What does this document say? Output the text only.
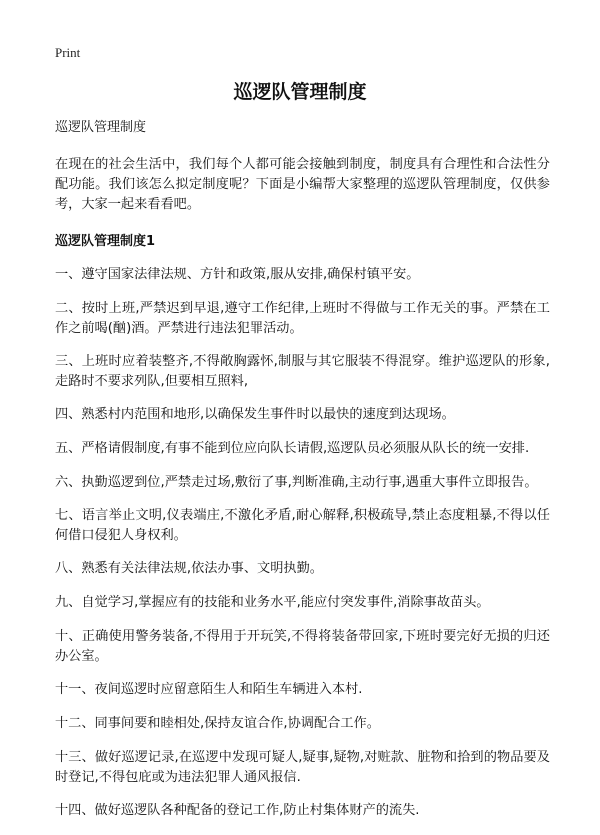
Print
巡逻队管理制度

巡逻队管理制度

在现在的社会生活中，我们每个人都可能会接触到制度，制度具有合理性和合法性分配功能。我们该怎么拟定制度呢？下面是小编帮大家整理的巡逻队管理制度，仅供参考，大家一起来看看吧。

巡逻队管理制度1

一、遵守国家法律法规、方针和政策,服从安排,确保村镇平安。
二、按时上班,严禁迟到早退,遵守工作纪律,上班时不得做与工作无关的事。严禁在工作之前喝(酗)酒。严禁进行违法犯罪活动。
三、上班时应着装整齐,不得敞胸露怀,制服与其它服装不得混穿。维护巡逻队的形象,走路时不要求列队,但要相互照料,
四、熟悉村内范围和地形,以确保发生事件时以最快的速度到达现场。
五、严格请假制度,有事不能到位应向队长请假,巡逻队员必须服从队长的统一安排.
六、执勤巡逻到位,严禁走过场,敷衍了事,判断准确,主动行事,遇重大事件立即报告。
七、语言举止文明,仪表端庄,不激化矛盾,耐心解释,积极疏导,禁止态度粗暴,不得以任何借口侵犯人身权利。
八、熟悉有关法律法规,依法办事、文明执勤。
九、自觉学习,掌握应有的技能和业务水平,能应付突发事件,消除事故苗头。
十、正确使用警务装备,不得用于开玩笑,不得将装备带回家,下班时要完好无损的归还办公室。
十一、夜间巡逻时应留意陌生人和陌生车辆进入本村.
十二、同事间要和睦相处,保持友谊合作,协调配合工作。
十三、做好巡逻记录,在巡逻中发现可疑人,疑事,疑物,对赃款、脏物和拾到的物品要及时登记,不得包庇或为违法犯罪人通风报信.
十四、做好巡逻队各种配备的登记工作,防止村集体财产的流失.
